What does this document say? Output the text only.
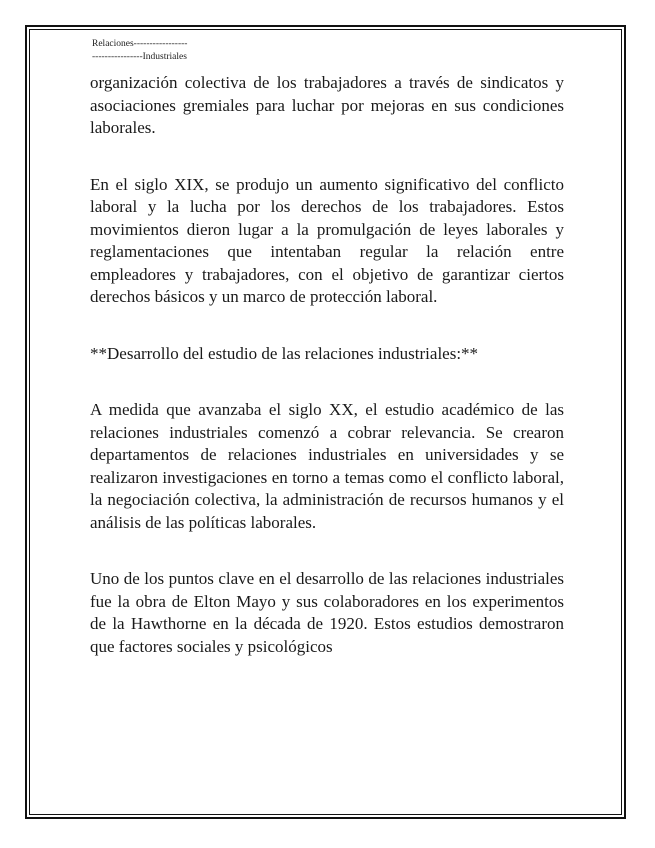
Relaciones-----------------
----------------Industriales

organización colectiva de los trabajadores a través de sindicatos y asociaciones gremiales para luchar por mejoras en sus condiciones laborales.

En el siglo XIX, se produjo un aumento significativo del conflicto laboral y la lucha por los derechos de los trabajadores. Estos movimientos dieron lugar a la promulgación de leyes laborales y reglamentaciones que intentaban regular la relación entre empleadores y trabajadores, con el objetivo de garantizar ciertos derechos básicos y un marco de protección laboral.

**Desarrollo del estudio de las relaciones industriales:**

A medida que avanzaba el siglo XX, el estudio académico de las relaciones industriales comenzó a cobrar relevancia. Se crearon departamentos de relaciones industriales en universidades y se realizaron investigaciones en torno a temas como el conflicto laboral, la negociación colectiva, la administración de recursos humanos y el análisis de las políticas laborales.

Uno de los puntos clave en el desarrollo de las relaciones industriales fue la obra de Elton Mayo y sus colaboradores en los experimentos de la Hawthorne en la década de 1920. Estos estudios demostraron que factores sociales y psicológicos
